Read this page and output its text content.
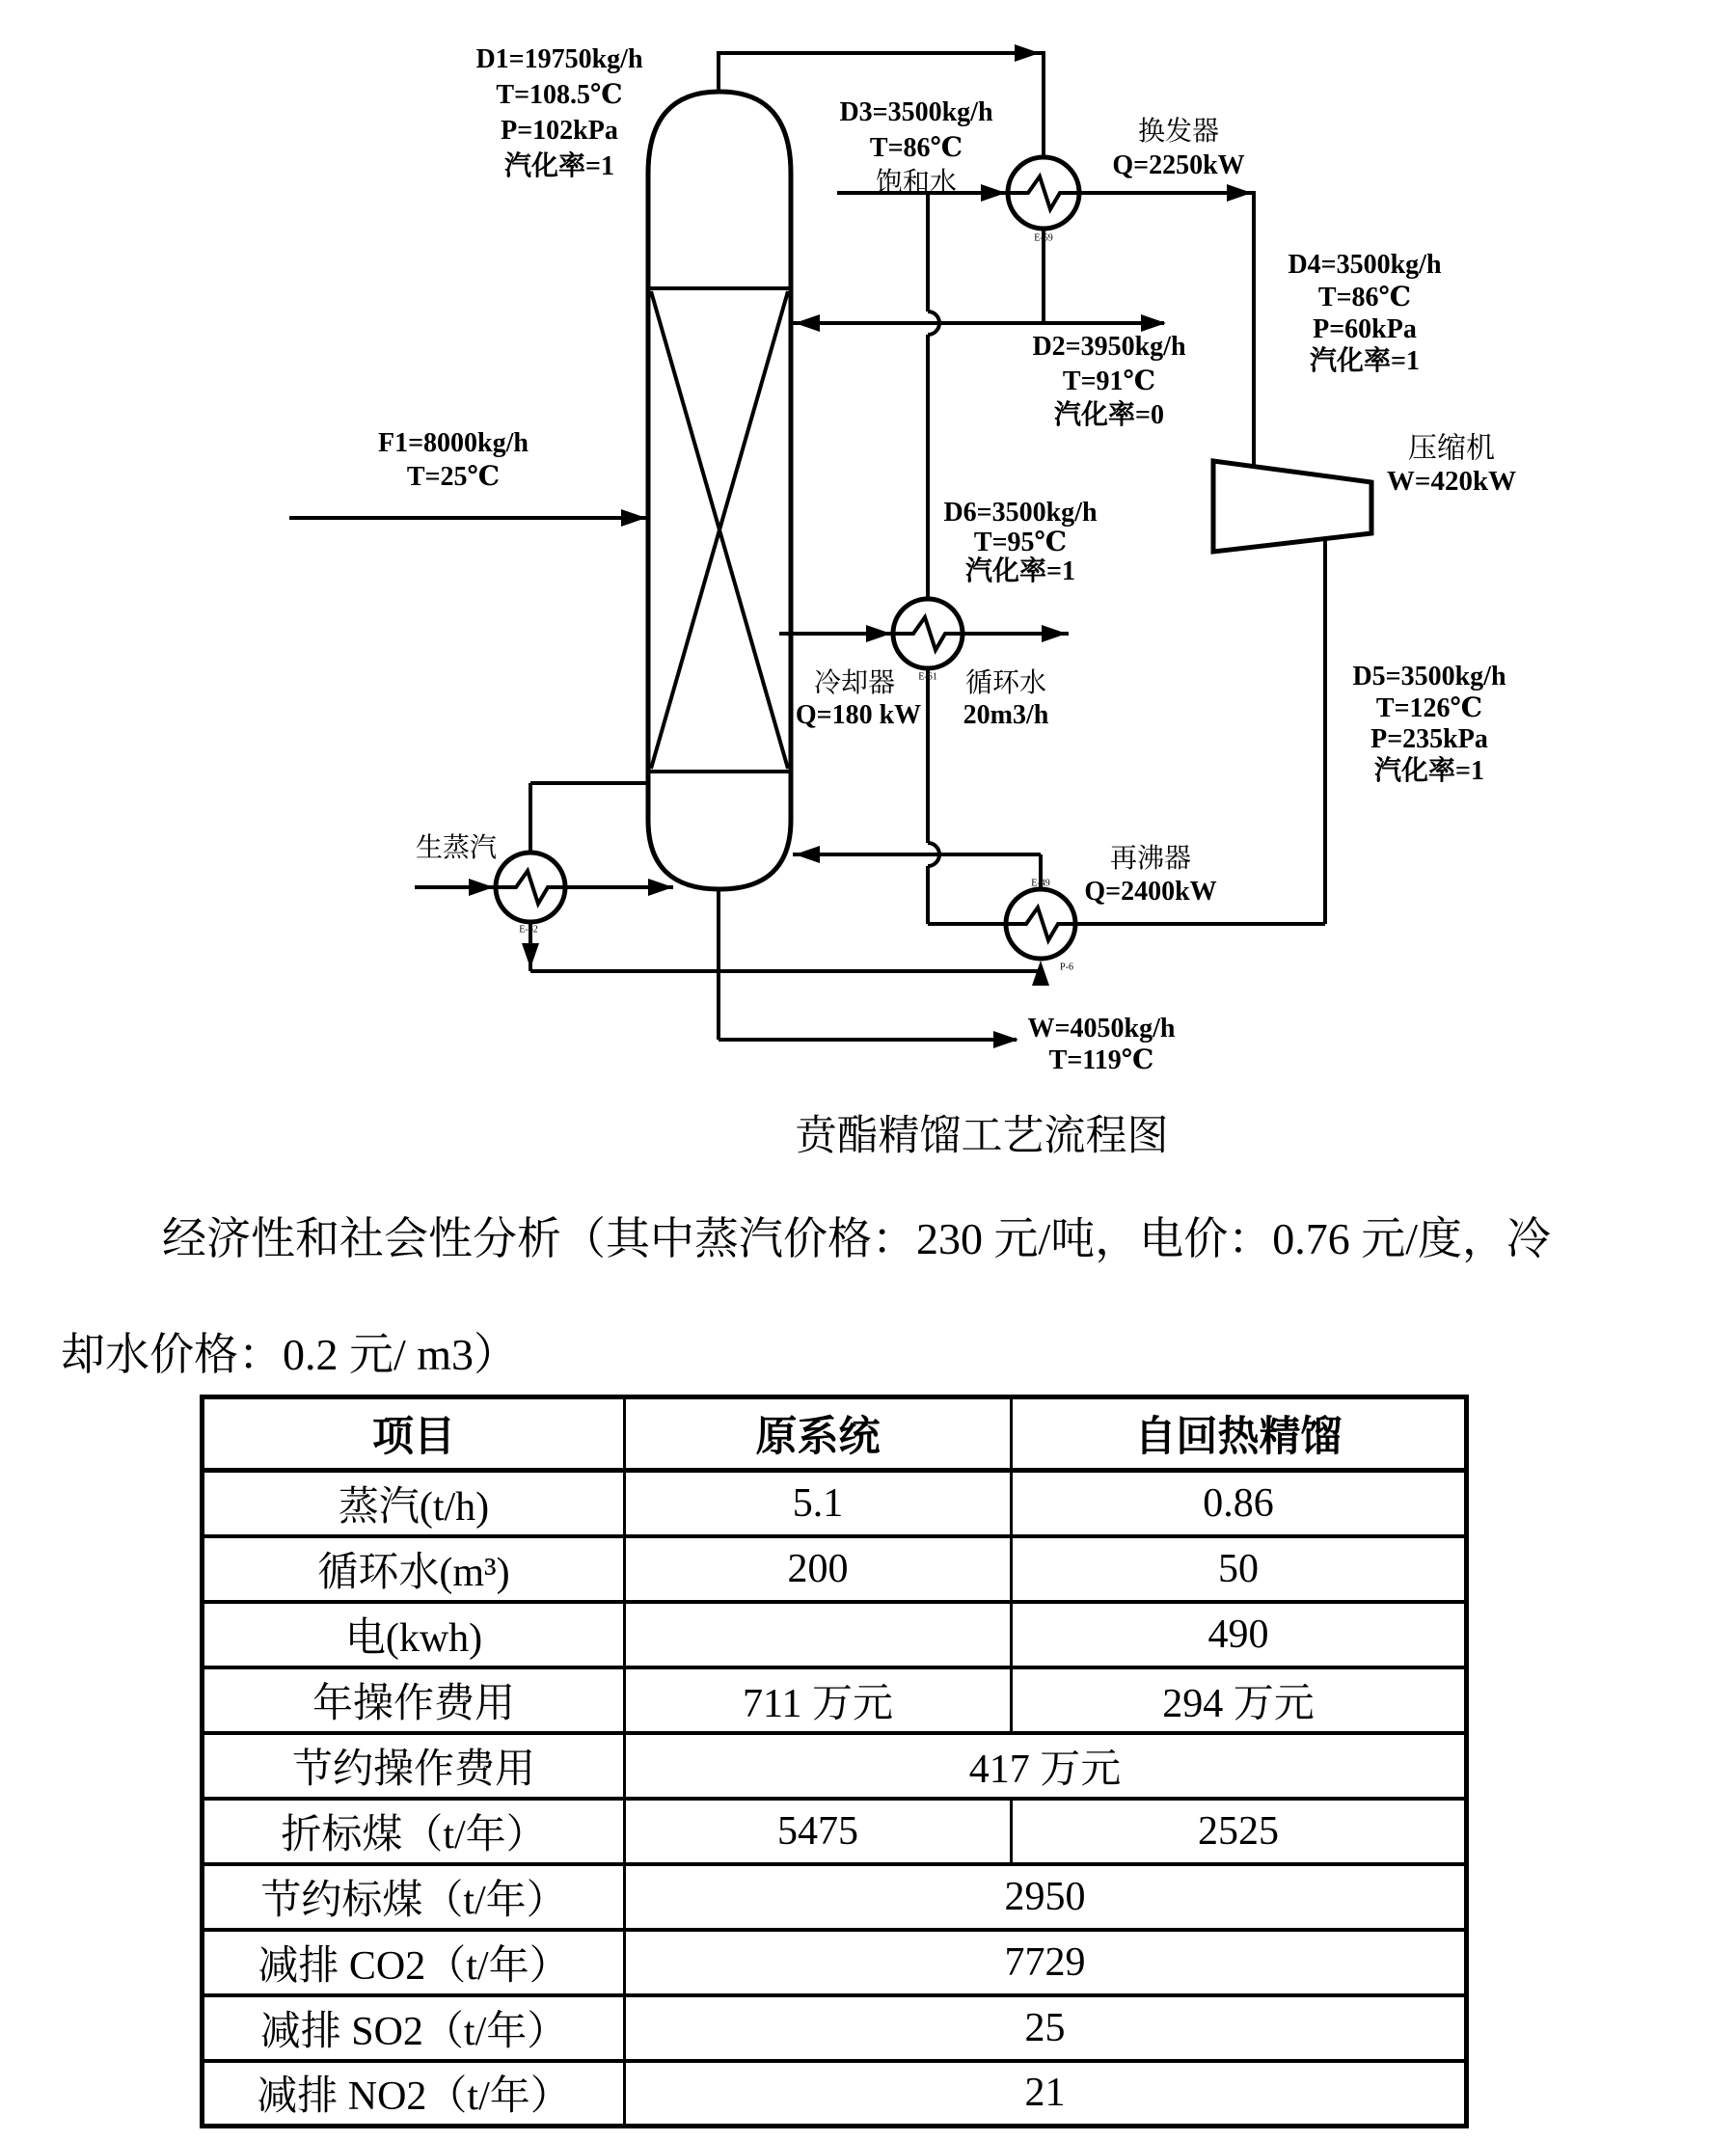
D1=19750kg/h
T=108.5℃
P=102kPa
汽化率=1
D3=3500kg/h
T=86℃
饱和水
D2=3950kg/h
T=91℃
汽化率=0
D4=3500kg/h
T=86℃
P=60kPa
汽化率=1
D5=3500kg/h
T=126℃
P=235kPa
汽化率=1
D6=3500kg/h
T=95℃
汽化率=1
F1=8000kg/h
T=25℃
W=4050kg/h
T=119℃
换发器
Q=2250kW
冷却器
Q=180 kW
循环水
20m3/h
压缩机
W=420kW
再沸器
Q=2400kW
生蒸汽
E-59
E-61
E-62
E-49
P-6
贲酯精馏工艺流程图
经济性和社会性分析（其中蒸汽价格：230 元/吨，电价：0.76 元/度，冷
却水价格：0.2 元/ m3）
项目	原系统	自回热精馏
蒸汽(t/h)	5.1	0.86
循环水(m³)	200	50
电(kwh)		490
年操作费用	711 万元	294 万元
节约操作费用	417 万元	
折标煤（t/年）	5475	2525
节约标煤（t/年）	2950	
减排 CO2（t/年）	7729	
减排 SO2（t/年）	25	
减排 NO2（t/年）	21	
